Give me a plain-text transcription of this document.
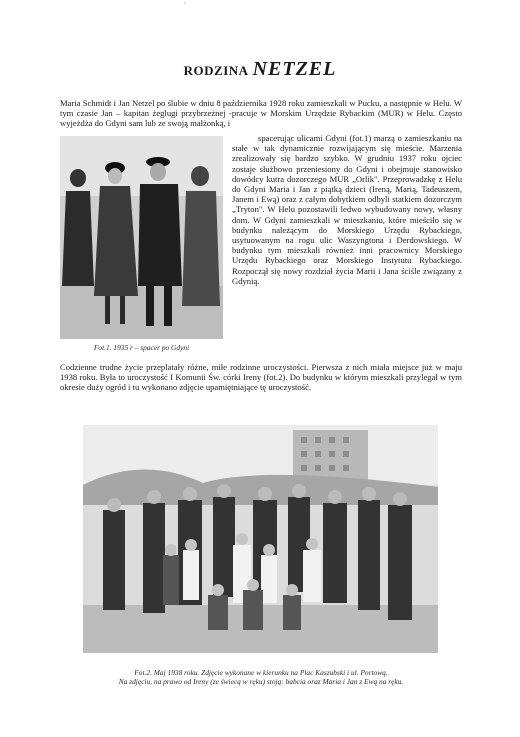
'
RODZINA NETZEL

Maria Schmidt i Jan Netzel po ślubie w dniu 8 października 1928 roku zamieszkali w Pucku, a następnie w Helu. W tym czasie Jan – kapitan żeglugi przybrzeżnej -pracuje w Morskim Urzędzie Rybackim (MUR) w Helu. Często wyjeżdża do Gdyni sam lub ze swoją małżonką, i

Fot.1. 1935 r – spacer po Gdyni

spacerując ulicami Gdyni (fot.1) marzą o zamieszkaniu na stałe w tak dynamicznie rozwijającym się mieście. Marzenia zrealizowały się bardzo szybko. W grudniu 1937 roku ojciec zostaje służbowo przeniesiony do Gdyni i obejmuje stanowisko dowódcy kutra dozorczego MUR „Orlik". Przeprowadzkę z Helu do Gdyni Maria i Jan z piątką dzieci (Ireną, Marią, Tadeuszem, Janem i Ewą) oraz z całym dobytkiem odbyli statkiem dozorczym „Tryton". W Helu pozostawili ledwo wybudowany nowy, własny dom. W Gdyni zamieszkali w mieszkaniu, które mieściło się w budynku należącym do Morskiego Urzędu Rybackiego, usytuowanym na rogu ulic Waszyngtona i Derdowskiego. W budynku tym mieszkali również inni pracownicy Morskiego Urzędu Rybackiego oraz Morskiego Instytutu Rybackiego. Rozpoczął się nowy rozdział życia Marii i Jana ściśle związany z Gdynią.

Codzienne trudne życie przeplatały różne, miłe rodzinne uroczystości. Pierwsza z nich miała miejsce już w maju 1938 roku. Była to uroczystość I Komunii Św. córki Ireny (fot.2). Do budynku w którym mieszkali przylegał w tym okresie duży ogród i tu wykonano zdjęcie upamiętniające tę uroczystość.

Fot.2. Maj 1938 roku. Zdjęcie wykonane w kierunku na Plac Kaszubski i ul. Portową.
Na zdjęciu, na prawo od Ireny (ze świecą w ręku) stoją: babcia oraz Maria i Jan z Ewą na ręku.
